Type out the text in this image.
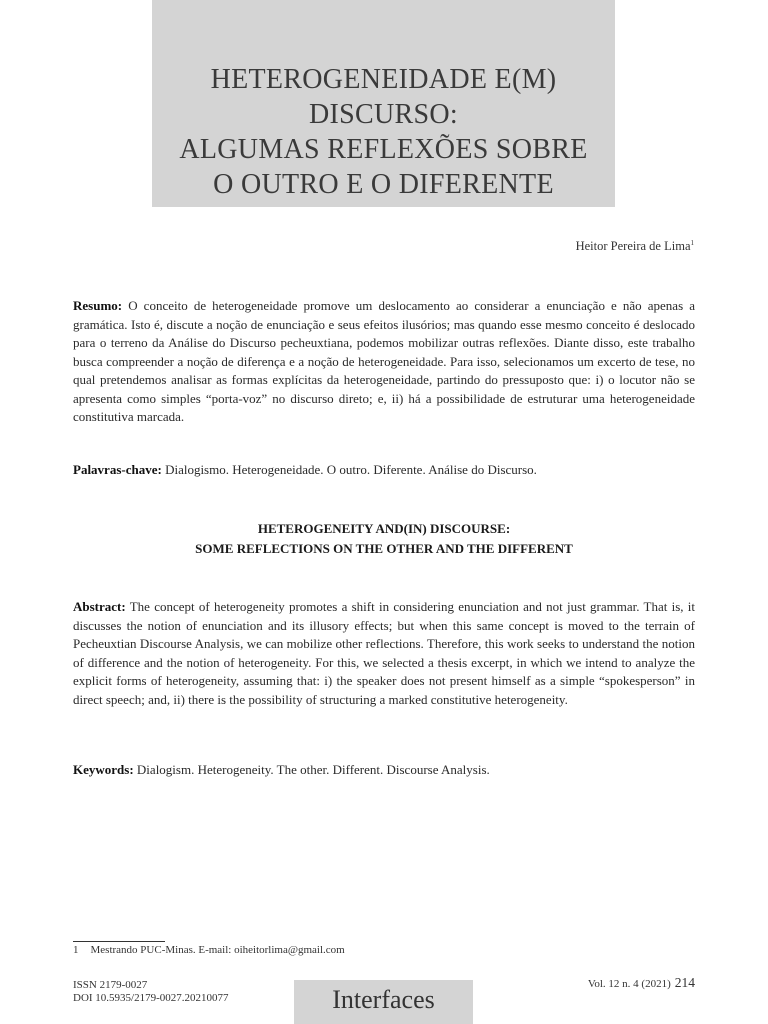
HETEROGENEIDADE E(M)
DISCURSO:
ALGUMAS REFLEXÕES SOBRE
O OUTRO E O DIFERENTE
Heitor Pereira de Lima$^1$
Resumo: O conceito de heterogeneidade promove um deslocamento ao considerar a enunciação e não apenas a gramática. Isto é, discute a noção de enunciação e seus efeitos ilusórios; mas quando esse mesmo conceito é deslocado para o terreno da Análise do Discurso pecheuxtiana, podemos mobilizar outras reflexões. Diante disso, este trabalho busca compreender a noção de diferença e a noção de heterogeneidade. Para isso, selecionamos um excerto de tese, no qual pretendemos analisar as formas explícitas da heterogeneidade, partindo do pressuposto que: i) o locutor não se apresenta como simples “porta-voz” no discurso direto; e, ii) há a possibilidade de estruturar uma heterogeneidade constitutiva marcada.
Palavras-chave: Dialogismo. Heterogeneidade. O outro. Diferente. Análise do Discurso.
HETEROGENEITY AND(IN) DISCOURSE:
SOME REFLECTIONS ON THE OTHER AND THE DIFFERENT
Abstract: The concept of heterogeneity promotes a shift in considering enunciation and not just grammar. That is, it discusses the notion of enunciation and its illusory effects; but when this same concept is moved to the terrain of Pecheuxtian Discourse Analysis, we can mobilize other reflections. Therefore, this work seeks to understand the notion of difference and the notion of heterogeneity. For this, we selected a thesis excerpt, in which we intend to analyze the explicit forms of heterogeneity, assuming that: i) the speaker does not present himself as a simple “spokesperson” in direct speech; and, ii) there is the possibility of structuring a marked constitutive heterogeneity.
Keywords: Dialogism. Heterogeneity. The other. Different. Discourse Analysis.
1 Mestrando PUC-Minas. E-mail: oiheitorlima@gmail.com
ISSN 2179-0027
DOI 10.5935/2179-0027.20210077	Interfaces
Vol. 12 n. 4 (2021) 214
